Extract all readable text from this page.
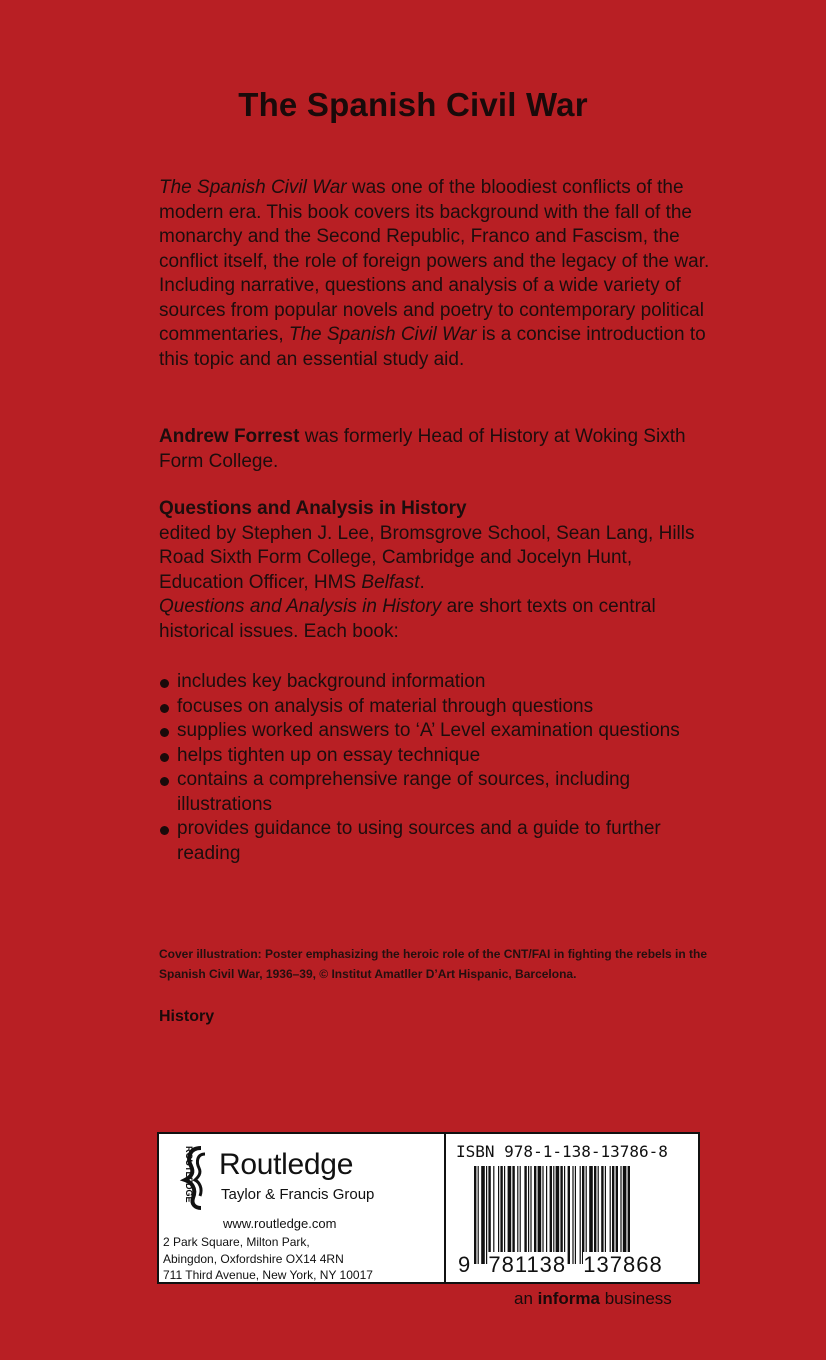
The Spanish Civil War

The Spanish Civil War was one of the bloodiest conflicts of the modern era. This book covers its background with the fall of the monarchy and the Second Republic, Franco and Fascism, the conflict itself, the role of foreign powers and the legacy of the war. Including narrative, questions and analysis of a wide variety of sources from popular novels and poetry to contemporary political commentaries, The Spanish Civil War is a concise introduction to this topic and an essential study aid.

Andrew Forrest was formerly Head of History at Woking Sixth Form College.

Questions and Analysis in History

edited by Stephen J. Lee, Bromsgrove School, Sean Lang, Hills Road Sixth Form College, Cambridge and Jocelyn Hunt, Education Officer, HMS Belfast.

Questions and Analysis in History are short texts on central historical issues. Each book:

includes key background information
focuses on analysis of material through questions
supplies worked answers to ‘A’ Level examination questions
helps tighten up on essay technique
contains a comprehensive range of sources, including illustrations
provides guidance to using sources and a guide to further reading
Cover illustration: Poster emphasizing the heroic role of the CNT/FAI in fighting the rebels in the Spanish Civil War, 1936–39, © Institut Amatller D’Art Hispanic, Barcelona.
History
ROUTLEDGE Routledge
Taylor & Francis Group
www.routledge.com
2 Park Square, Milton Park,
Abingdon, Oxfordshire OX14 4RN
711 Third Avenue, New York, NY 10017
ISBN 978-1-138-13786-8
9 781138 137868
an informa business
